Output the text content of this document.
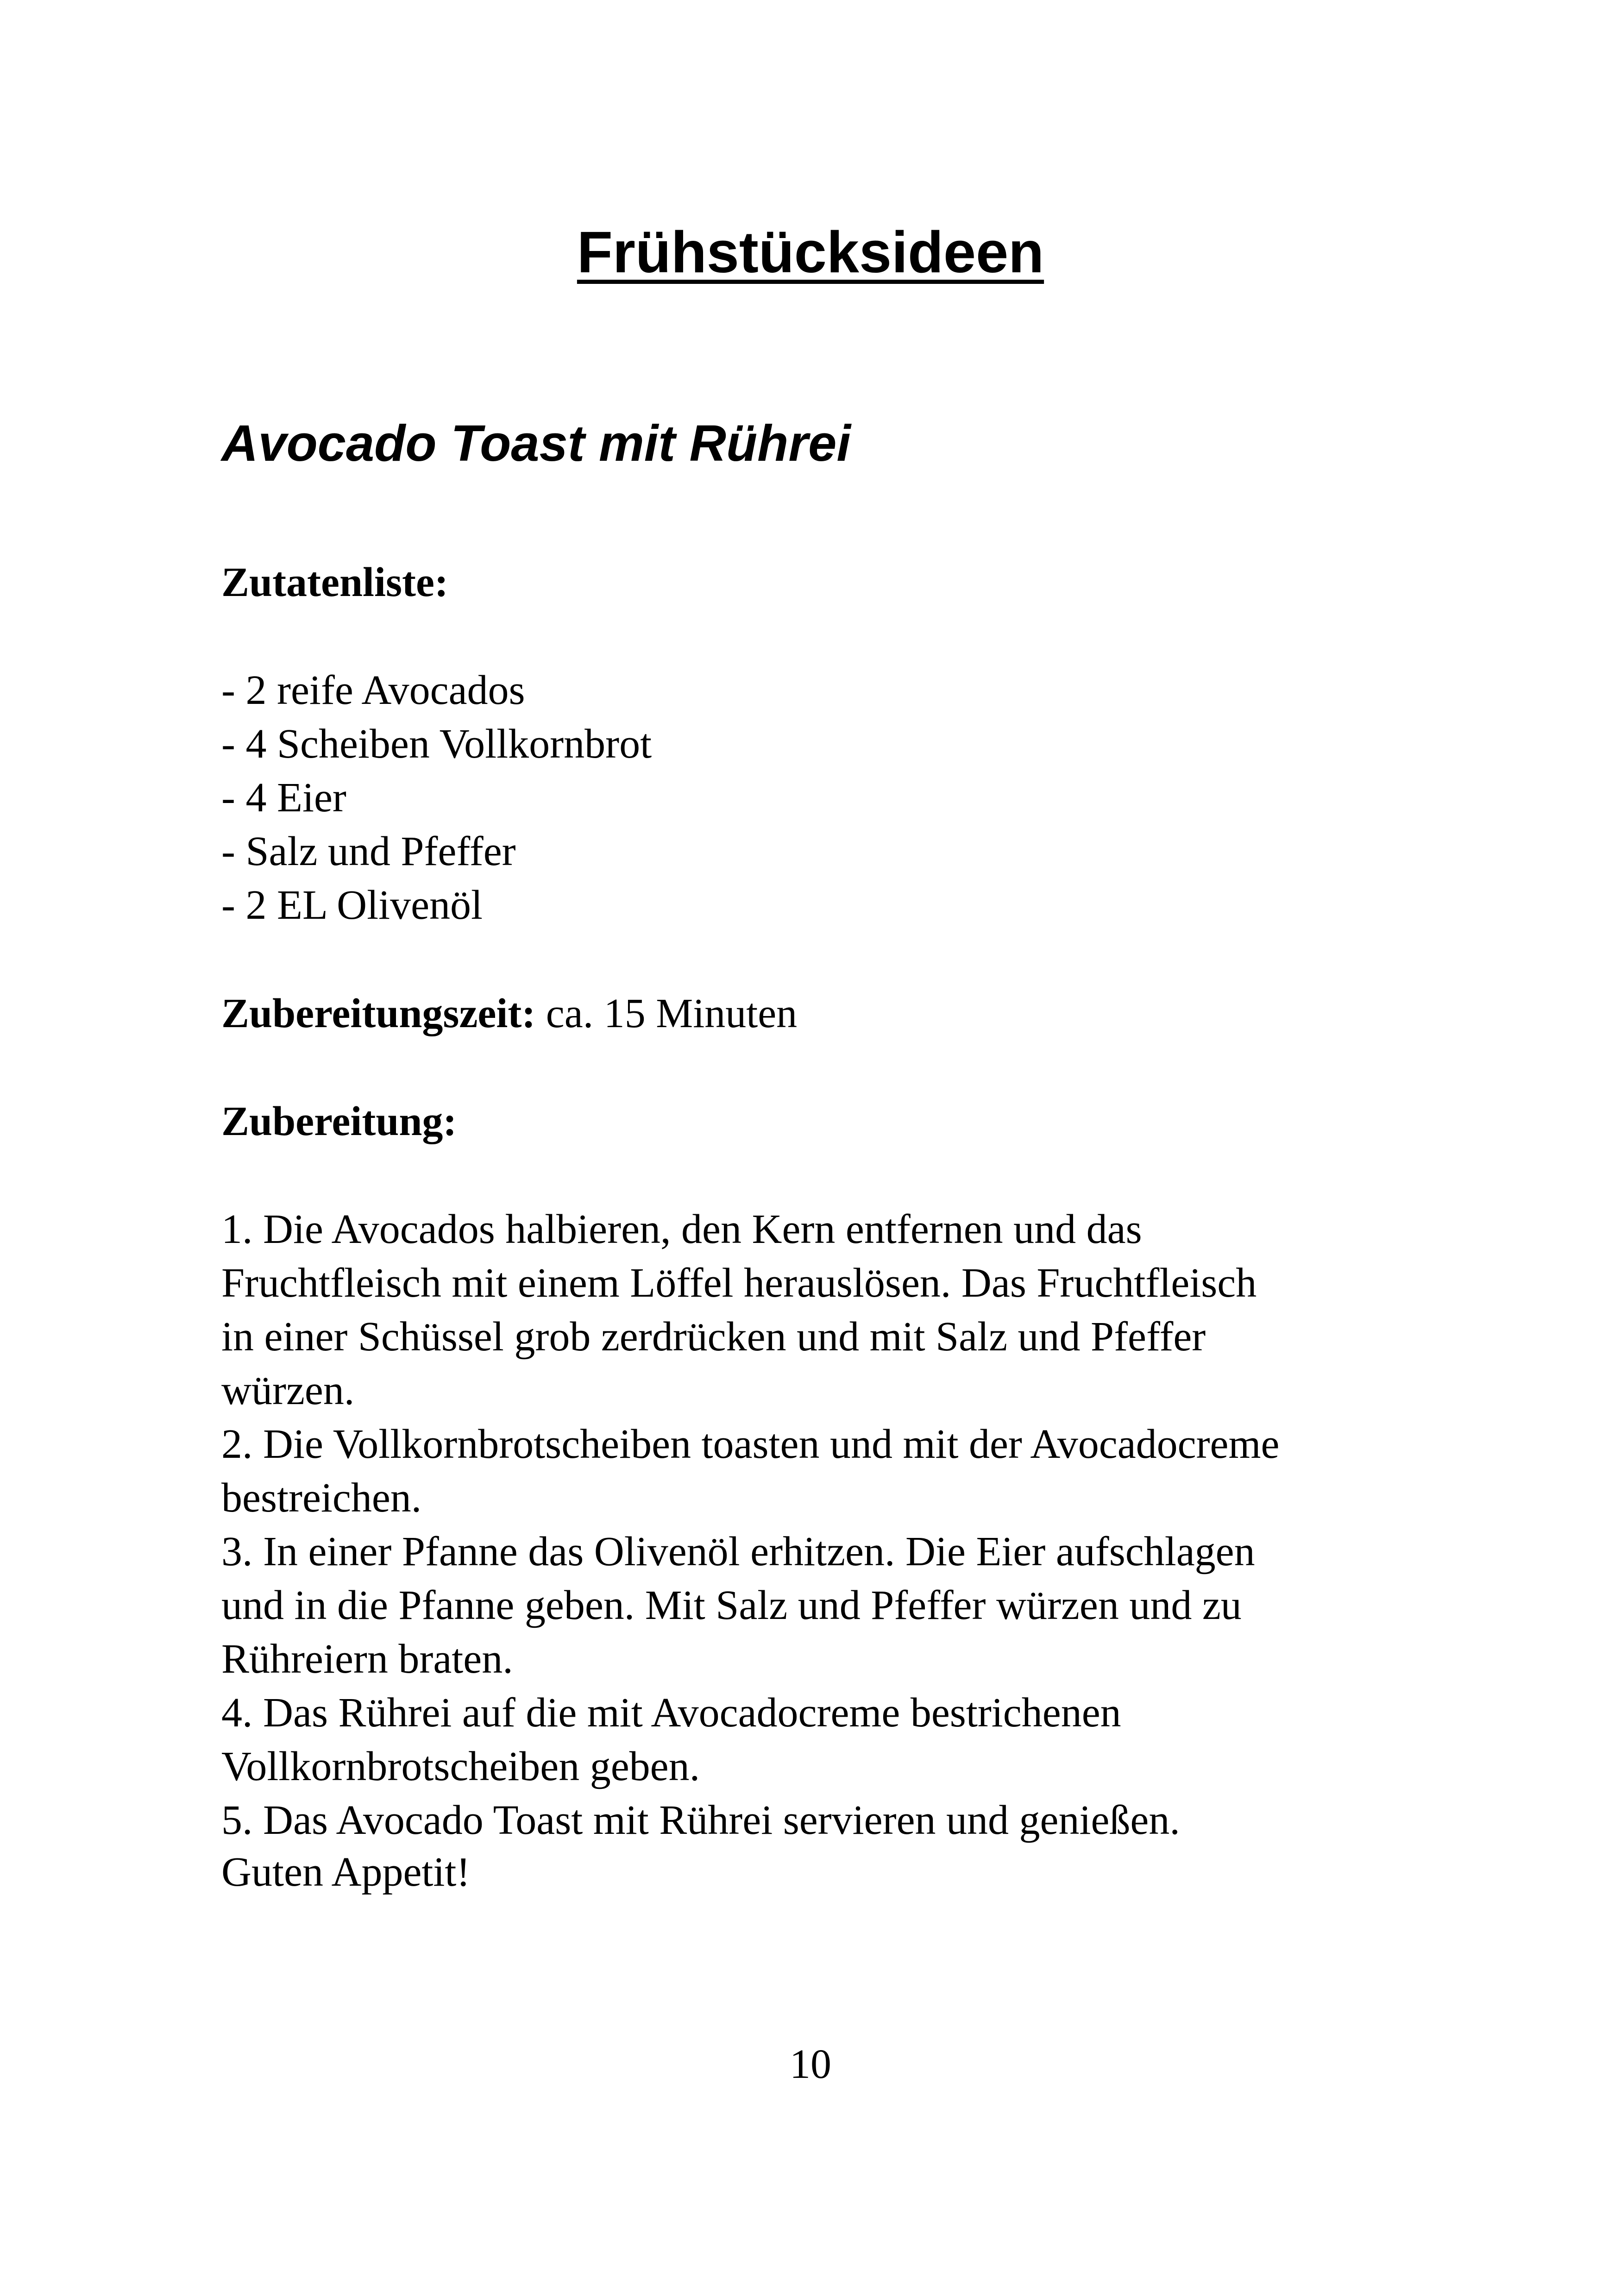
Frühstücksideen
Avocado Toast mit Rührei

Zutatenliste:

- 2 reife Avocados
- 4 Scheiben Vollkornbrot
- 4 Eier
- Salz und Pfeffer
- 2 EL Olivenöl

Zubereitungszeit: ca. 15 Minuten

Zubereitung:

1. Die Avocados halbieren, den Kern entfernen und das
Fruchtfleisch mit einem Löffel herauslösen. Das Fruchtfleisch
in einer Schüssel grob zerdrücken und mit Salz und Pfeffer
würzen.
2. Die Vollkornbrotscheiben toasten und mit der Avocadocreme
bestreichen.
3. In einer Pfanne das Olivenöl erhitzen. Die Eier aufschlagen
und in die Pfanne geben. Mit Salz und Pfeffer würzen und zu
Rühreiern braten.
4. Das Rührei auf die mit Avocadocreme bestrichenen
Vollkornbrotscheiben geben.
5. Das Avocado Toast mit Rührei servieren und genießen.

Guten Appetit!

10
